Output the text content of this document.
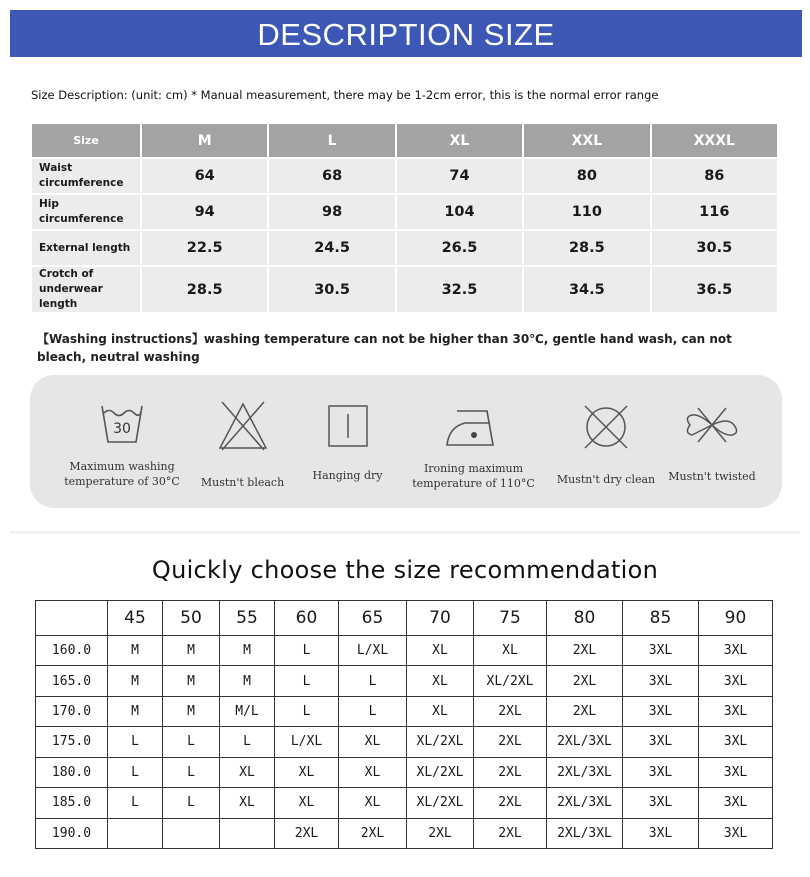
DESCRIPTION SIZE
Size Description: (unit: cm) * Manual measurement, there may be 1-2cm error, this is the normal error range
Size	M	L	XL	XXL	XXXL
Waist circumference	64	68	74	80	86
Hip circumference	94	98	104	110	116
External length	22.5	24.5	26.5	28.5	30.5
Crotch of underwear length	28.5	30.5	32.5	34.5	36.5
【Washing instructions】washing temperature can not be higher than 30℃, gentle hand wash, can not bleach, neutral washing
30
Maximum washing temperature of 30°C	Mustn't bleach
Hanging dry
Ironing maximum temperature of 110°C	Mustn't dry clean	Mustn't twisted
Quickly choose the size recommendation
	45	50	55	60	65	70	75	80	85	90
160.0	M	M	M	L	L/XL	XL	XL	2XL	3XL	3XL
165.0	M	M	M	L	L	XL	XL/2XL	2XL	3XL	3XL
170.0	M	M	M/L	L	L	XL	2XL	2XL	3XL	3XL
175.0	L	L	L	L/XL	XL	XL/2XL	2XL	2XL/3XL	3XL	3XL
180.0	L	L	XL	XL	XL	XL/2XL	2XL	2XL/3XL	3XL	3XL
185.0	L	L	XL	XL	XL	XL/2XL	2XL	2XL/3XL	3XL	3XL
190.0				2XL	2XL	2XL	2XL	2XL/3XL	3XL	3XL
